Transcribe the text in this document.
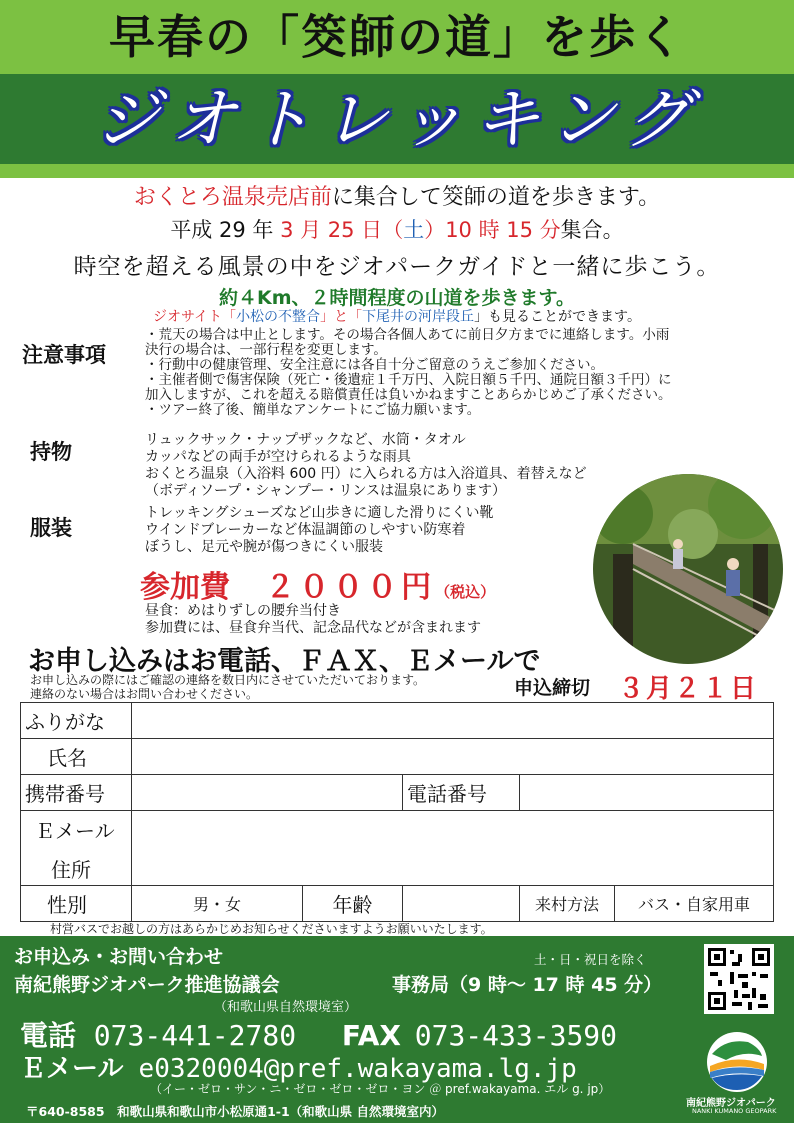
早春の「筊師の道」を歩く
ジオトレッキング
おくとろ温泉売店前に集合して筊師の道を歩きます。
平成 29 年 3 月 25 日（土）10 時 15 分集合。
時空を超える風景の中をジオパークガイドと一緒に歩こう。
約４Km、２時間程度の山道を歩きます。
ジオサイト「小松の不整合」と「下尾井の河岸段丘」も見ることができます。
注意事項
・荒天の場合は中止とします。その場合各個人あてに前日夕方までに連絡します。小雨
決行の場合は、一部行程を変更します。
・行動中の健康管理、安全注意には各自十分ご留意のうえご参加ください。
・主催者側で傷害保険（死亡・後遺症１千万円、入院日額５千円、通院日額３千円）に
加入しますが、これを超える賠償責任は負いかねますことあらかじめご了承ください。
・ツアー終了後、簡単なアンケートにご協力願います。
持物	リュックサック・ナップザックなど、水筒・タオル
カッパなどの両手が空けられるような雨具
おくとろ温泉（入浴料 600 円）に入られる方は入浴道具、着替えなど
（ボディソープ・シャンプー・リンスは温泉にあります）
服装
トレッキングシューズなど山歩きに適した滑りにくい靴
ウインドブレーカーなど体温調節のしやすい防寒着
ぼうし、足元や腕が傷つきにくい服装
参加費 ２０００円（税込）
昼食：めはりずしの腰弁当付き
参加費には、昼食弁当代、記念品代などが含まれます
お申し込みはお電話、ＦＡＸ、Ｅメールで
お申し込みの際にはご確認の連絡を数日内にさせていただいております。
連絡のない場合はお問い合わせください。	申込締切 ３月２１日
ふりがな					
氏名					
携帯番号			電話番号		

Ｅメール
住所					

性別	男・女	年齢		来村方法	バス・自家用車
村営バスでお越しの方はあらかじめお知らせくださいますようお願いいたします。
お申込み・お問い合わせ	土・日・祝日を除く
南紀熊野ジオパーク推進協議会	事務局（9 時～ 17 時 45 分）
（和歌山県自然環境室）
電話 073-441-2780 FAX 073-433-3590
Ｅメール e0320004@pref.wakayama.lg.jp
（イー・ゼロ・サン・ニ・ゼロ・ゼロ・ゼロ・ヨン ＠ pref.wakayama. エル g. jp）
〒640-8585　和歌山県和歌山市小松原通1-1（和歌山県 自然環境室内）
南紀熊野ジオパーク
NANKI KUMANO GEOPARK
